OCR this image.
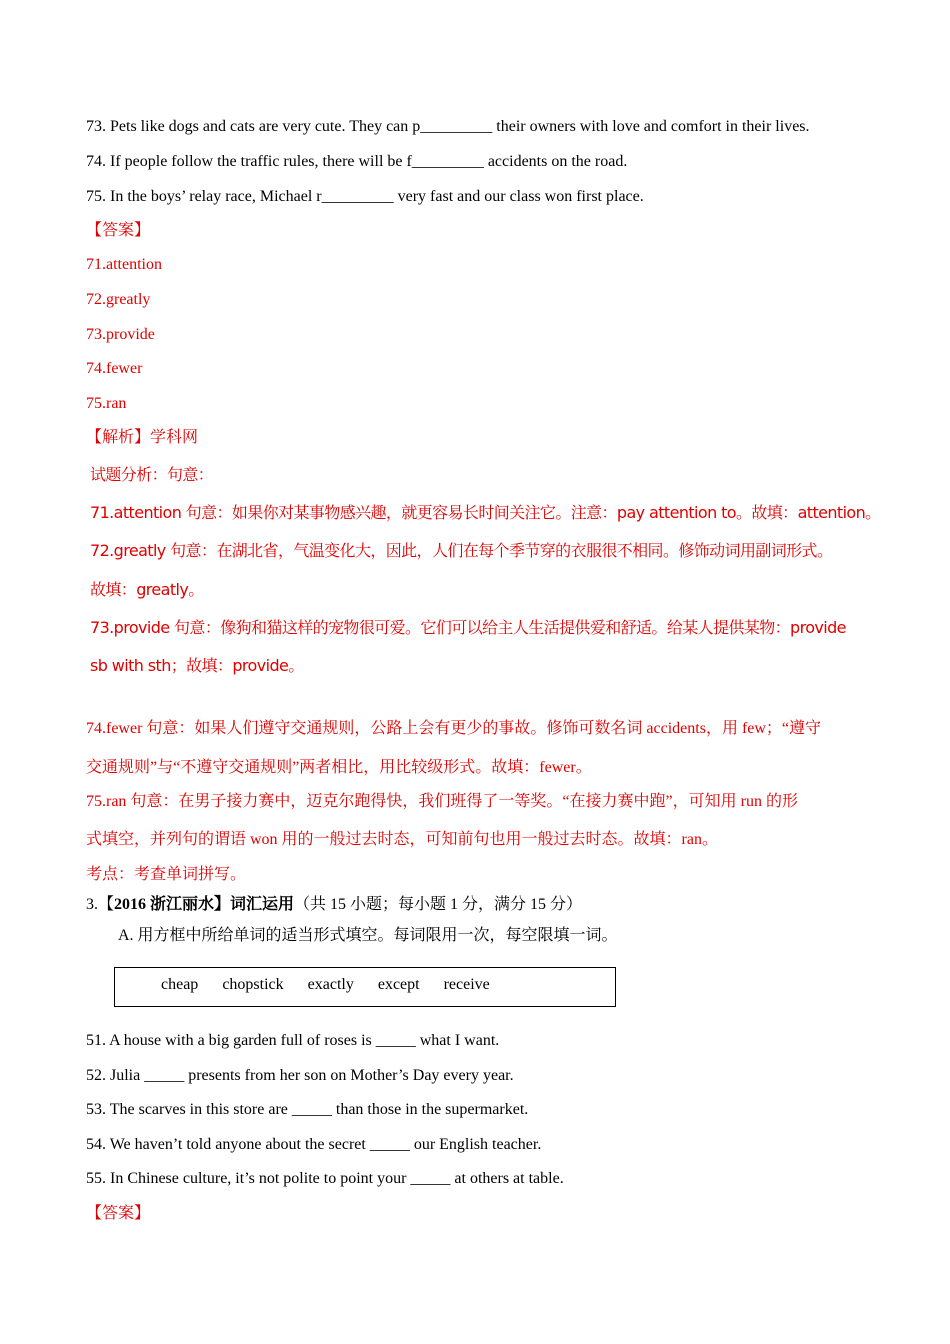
73. Pets like dogs and cats are very cute. They can p_________ their owners with love and comfort in their lives.
74. If people follow the traffic rules, there will be f_________ accidents on the road.
75. In the boys’ relay race, Michael r_________ very fast and our class won first place.
【答案】
71.attention
72.greatly
73.provide
74.fewer
75.ran
【解析】学科网
试题分析：句意：
71.attention 句意：如果你对某事物感兴趣，就更容易长时间关注它。注意：pay attention to。故填：attention。
72.greatly 句意：在湖北省，气温变化大，因此，人们在每个季节穿的衣服很不相同。修饰动词用副词形式。
故填：greatly。
73.provide 句意：像狗和猫这样的宠物很可爱。它们可以给主人生活提供爱和舒适。给某人提供某物：provide
sb with sth；故填：provide。
74.fewer 句意：如果人们遵守交通规则，公路上会有更少的事故。修饰可数名词 accidents，用 few；“遵守
交通规则”与“不遵守交通规则”两者相比，用比较级形式。故填：fewer。
75.ran 句意：在男子接力赛中，迈克尔跑得快，我们班得了一等奖。“在接力赛中跑”，可知用 run 的形
式填空，并列句的谓语 won 用的一般过去时态，可知前句也用一般过去时态。故填：ran。
考点：考查单词拼写。
3.【2016 浙江丽水】词汇运用（共 15 小题；每小题 1 分，满分 15 分）
A. 用方框中所给单词的适当形式填空。每词限用一次，每空限填一词。
cheap chopstick exactly except receive
51. A house with a big garden full of roses is _____ what I want.
52. Julia _____ presents from her son on Mother’s Day every year.
53. The scarves in this store are _____ than those in the supermarket.
54. We haven’t told anyone about the secret _____ our English teacher.
55. In Chinese culture, it’s not polite to point your _____ at others at table.
【答案】
